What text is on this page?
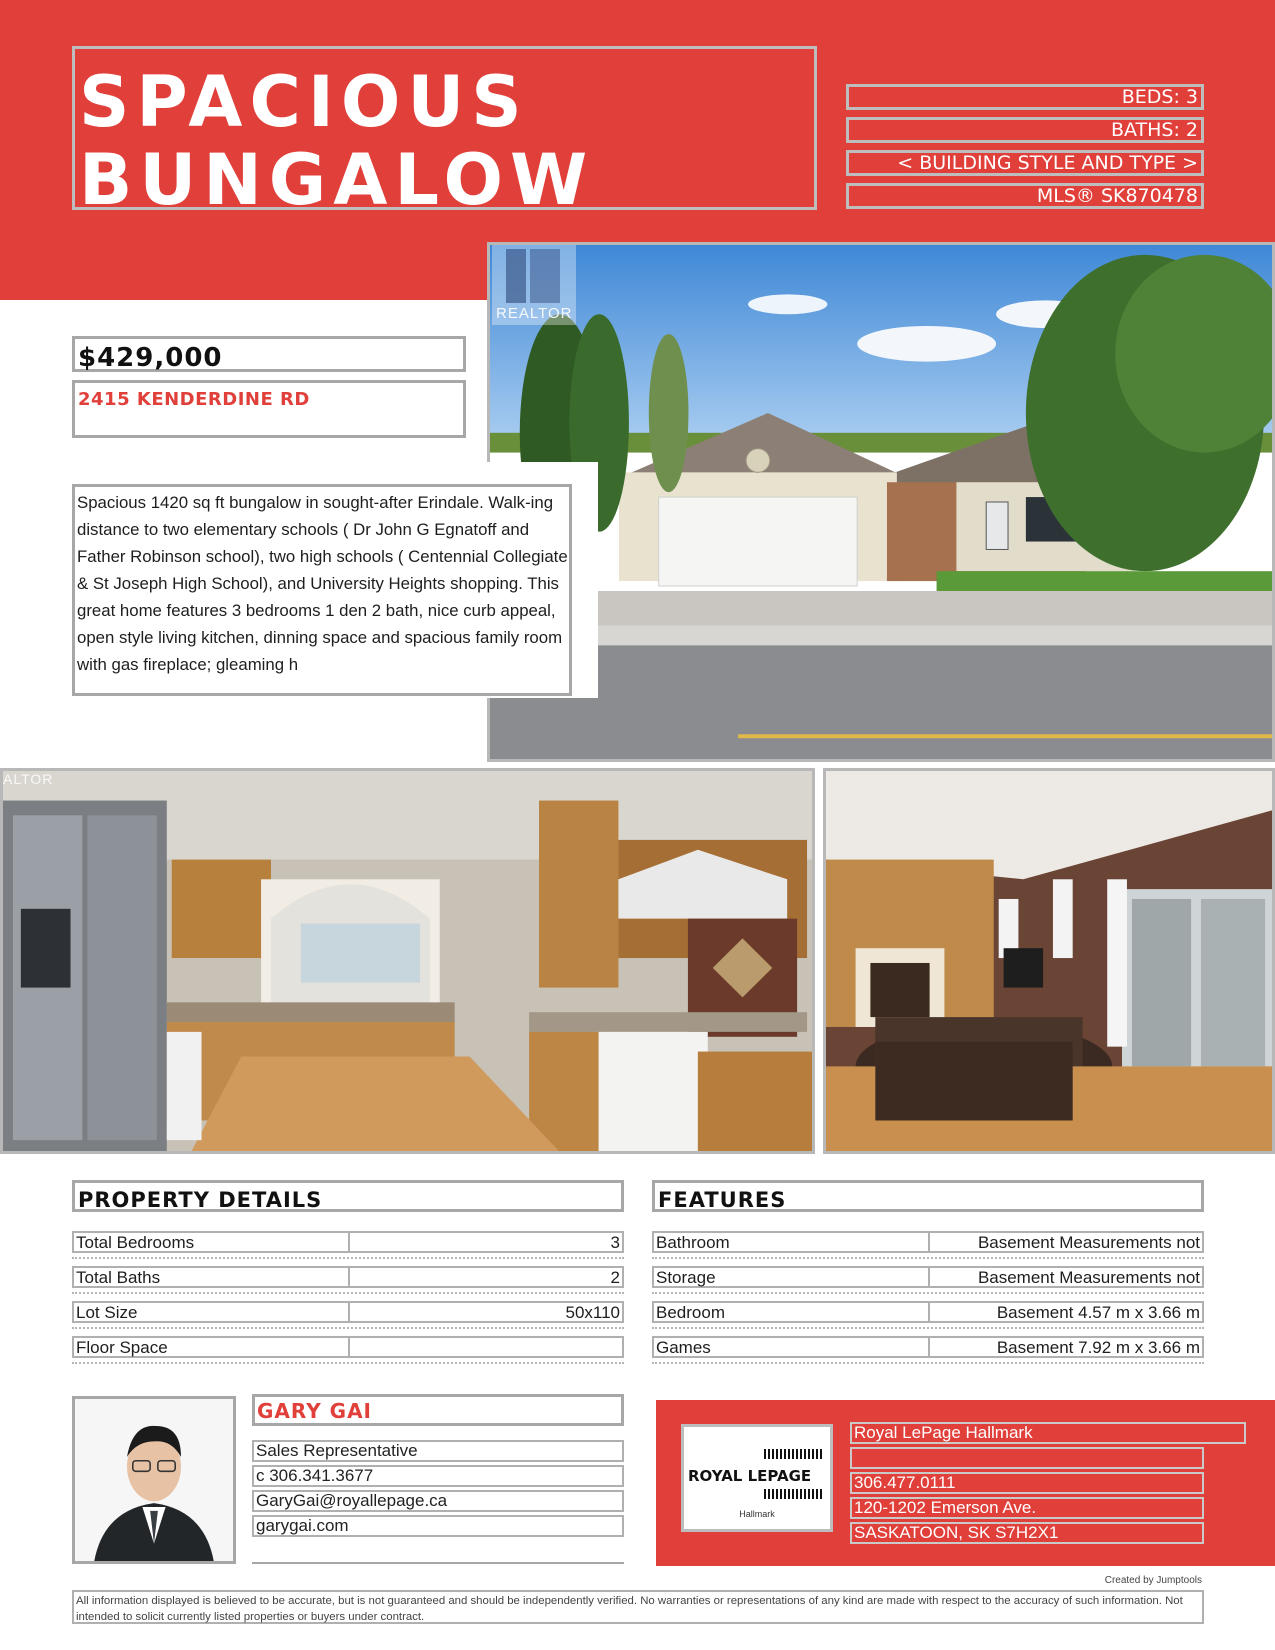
SPACIOUS
BUNGALOW
BEDS: 3
BATHS: 2
< BUILDING STYLE AND TYPE >
MLS® SK870478
REALTOR
$429,000
2415 KENDERDINE RD
Spacious 1420 sq ft bungalow in sought-after Erindale. Walk-ing distance to two elementary schools ( Dr John G Egnatoff and Father Robinson school), two high schools ( Centennial Collegiate & St Joseph High School), and University Heights shopping. This great home features 3 bedrooms 1 den 2 bath, nice curb appeal, open style living kitchen, dinning space and spacious family room with gas fireplace; gleaming h
ALTOR
PROPERTY DETAILS
Total Bedrooms	3
Total Baths	2
Lot Size	50x110
Floor Space
FEATURES
Bathroom	Basement Measurements not
Storage	Basement Measurements not
Bedroom	Basement 4.57 m x 3.66 m
Games	Basement 7.92 m x 3.66 m
GARY GAI
Sales Representative
c 306.341.3677
GaryGai@royallepage.ca
garygai.com
ROYAL LEPAGE
Hallmark
Royal LePage Hallmark
306.477.0111
120-1202 Emerson Ave.
SASKATOON, SK S7H2X1
Created by Jumptools
All information displayed is believed to be accurate, but is not guaranteed and should be independently verified. No warranties or representations of any kind are made with respect to the accuracy of such information. Not intended to solicit currently listed properties or buyers under contract.
